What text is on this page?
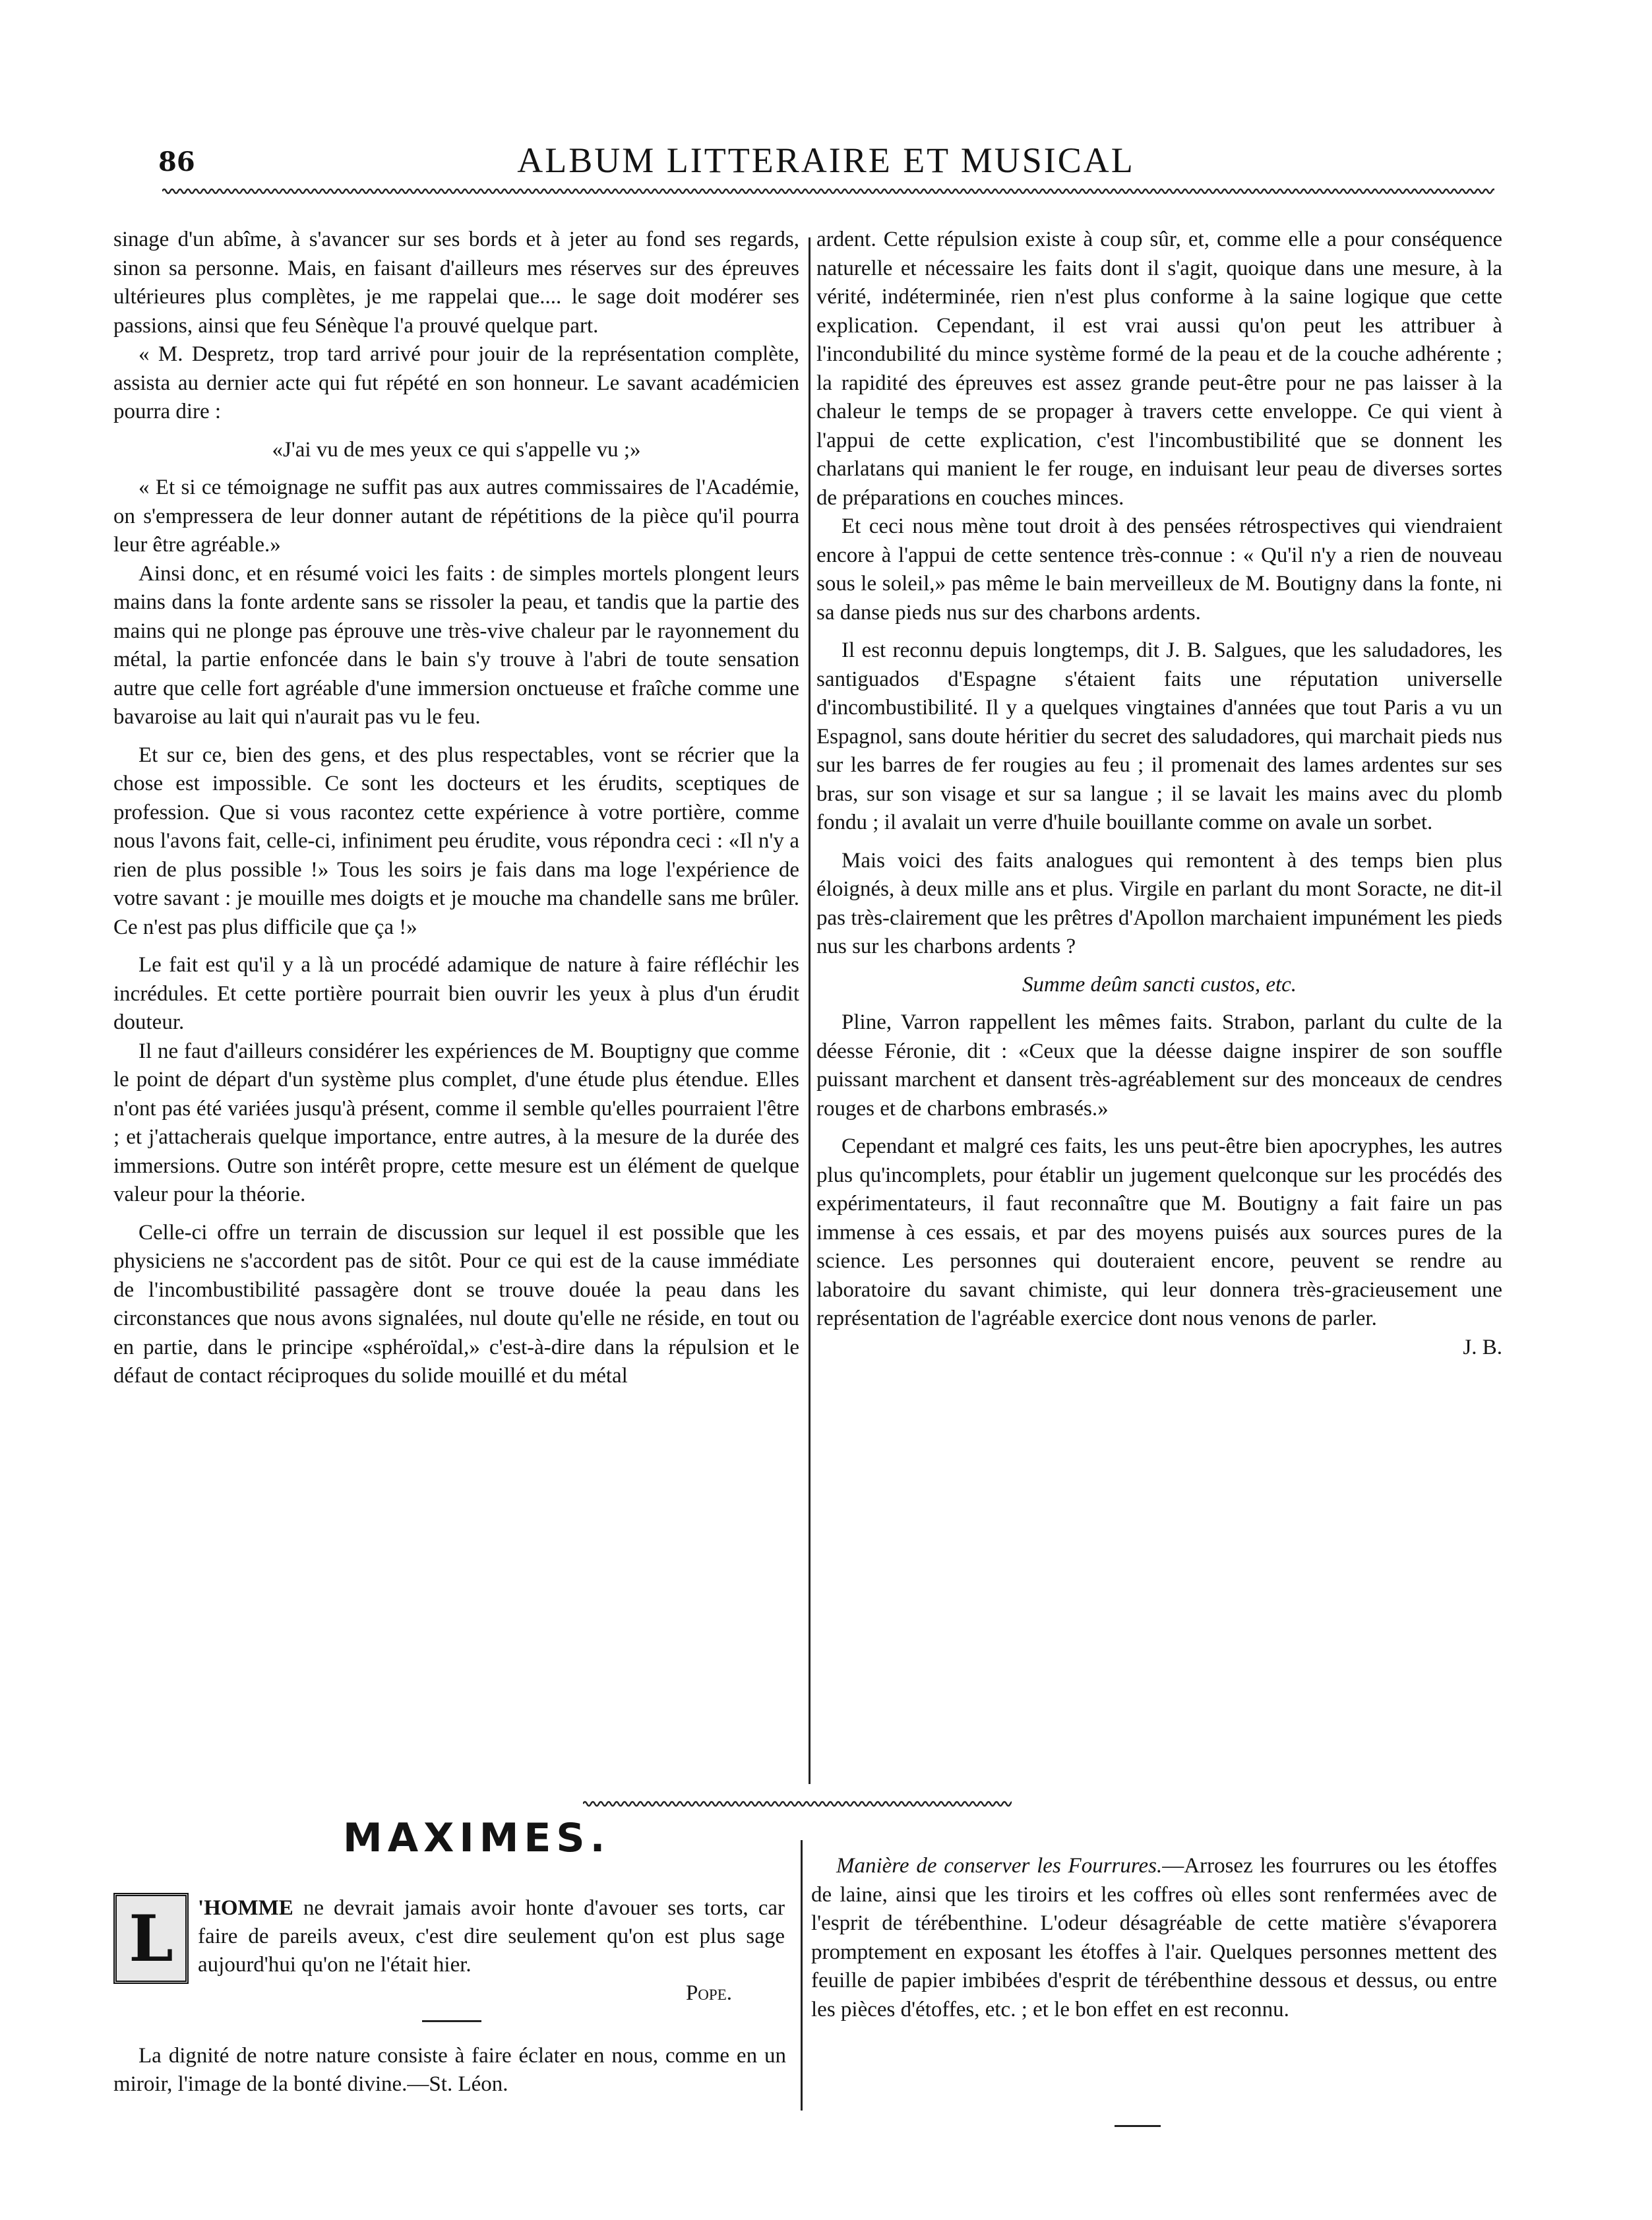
86	ALBUM LITTERAIRE ET MUSICAL

sinage d'un abîme, à s'avancer sur ses bords et à jeter au fond ses regards, sinon sa personne. Mais, en faisant d'ailleurs mes réserves sur des épreuves ultérieures plus complètes, je me rappelai que.... le sage doit modérer ses passions, ainsi que feu Sénèque l'a prouvé quelque part.

« M. Despretz, trop tard arrivé pour jouir de la représentation complète, assista au dernier acte qui fut répété en son honneur. Le savant académicien pourra dire :

«J'ai vu de mes yeux ce qui s'appelle vu ;»

« Et si ce témoignage ne suffit pas aux autres commissaires de l'Académie, on s'empressera de leur donner autant de répétitions de la pièce qu'il pourra leur être agréable.»

Ainsi donc, et en résumé voici les faits : de simples mortels plongent leurs mains dans la fonte ardente sans se rissoler la peau, et tandis que la partie des mains qui ne plonge pas éprouve une très-vive chaleur par le rayonnement du métal, la partie enfoncée dans le bain s'y trouve à l'abri de toute sensation autre que celle fort agréable d'une immersion onctueuse et fraîche comme une bavaroise au lait qui n'aurait pas vu le feu.

Et sur ce, bien des gens, et des plus respectables, vont se récrier que la chose est impossible. Ce sont les docteurs et les érudits, sceptiques de profession. Que si vous racontez cette expérience à votre portière, comme nous l'avons fait, celle-ci, infiniment peu érudite, vous répondra ceci : «Il n'y a rien de plus possible !» Tous les soirs je fais dans ma loge l'expérience de votre savant : je mouille mes doigts et je mouche ma chandelle sans me brûler. Ce n'est pas plus difficile que ça !»

Le fait est qu'il y a là un procédé adamique de nature à faire réfléchir les incrédules. Et cette portière pourrait bien ouvrir les yeux à plus d'un érudit douteur.

Il ne faut d'ailleurs considérer les expériences de M. Bouptigny que comme le point de départ d'un système plus complet, d'une étude plus étendue. Elles n'ont pas été variées jusqu'à présent, comme il semble qu'elles pourraient l'être ; et j'attacherais quelque importance, entre autres, à la mesure de la durée des immersions. Outre son intérêt propre, cette mesure est un élément de quelque valeur pour la théorie.

Celle-ci offre un terrain de discussion sur lequel il est possible que les physiciens ne s'accordent pas de sitôt. Pour ce qui est de la cause immédiate de l'incombustibilité passagère dont se trouve douée la peau dans les circonstances que nous avons signalées, nul doute qu'elle ne réside, en tout ou en partie, dans le principe «sphéroïdal,» c'est-à-dire dans la répulsion et le défaut de contact réciproques du solide mouillé et du métal

ardent. Cette répulsion existe à coup sûr, et, comme elle a pour conséquence naturelle et nécessaire les faits dont il s'agit, quoique dans une mesure, à la vérité, indéterminée, rien n'est plus conforme à la saine logique que cette explication. Cependant, il est vrai aussi qu'on peut les attribuer à l'incondubilité du mince système formé de la peau et de la couche adhérente ; la rapidité des épreuves est assez grande peut-être pour ne pas laisser à la chaleur le temps de se propager à travers cette enveloppe. Ce qui vient à l'appui de cette explication, c'est l'incombustibilité que se donnent les charlatans qui manient le fer rouge, en induisant leur peau de diverses sortes de préparations en couches minces.

Et ceci nous mène tout droit à des pensées rétrospectives qui viendraient encore à l'appui de cette sentence très-connue : « Qu'il n'y a rien de nouveau sous le soleil,» pas même le bain merveilleux de M. Boutigny dans la fonte, ni sa danse pieds nus sur des charbons ardents.

Il est reconnu depuis longtemps, dit J. B. Salgues, que les saludadores, les santiguados d'Espagne s'étaient faits une réputation universelle d'incombustibilité. Il y a quelques vingtaines d'années que tout Paris a vu un Espagnol, sans doute héritier du secret des saludadores, qui marchait pieds nus sur les barres de fer rougies au feu ; il promenait des lames ardentes sur ses bras, sur son visage et sur sa langue ; il se lavait les mains avec du plomb fondu ; il avalait un verre d'huile bouillante comme on avale un sorbet.

Mais voici des faits analogues qui remontent à des temps bien plus éloignés, à deux mille ans et plus. Virgile en parlant du mont Soracte, ne dit-il pas très-clairement que les prêtres d'Apollon marchaient impunément les pieds nus sur les charbons ardents ?

Summe deûm sancti custos, etc.

Pline, Varron rappellent les mêmes faits. Strabon, parlant du culte de la déesse Féronie, dit : «Ceux que la déesse daigne inspirer de son souffle puissant marchent et dansent très-agréablement sur des monceaux de cendres rouges et de charbons embrasés.»

Cependant et malgré ces faits, les uns peut-être bien apocryphes, les autres plus qu'incomplets, pour établir un jugement quelconque sur les procédés des expérimentateurs, il faut reconnaître que M. Boutigny a fait faire un pas immense à ces essais, et par des moyens puisés aux sources pures de la science. Les personnes qui douteraient encore, peuvent se rendre au laboratoire du savant chimiste, qui leur donnera très-gracieusement une représentation de l'agréable exercice dont nous venons de parler.

J. B.

MAXIMES.
L	'HOMME ne devrait jamais avoir honte d'avouer ses torts, car faire de pareils aveux, c'est dire seulement qu'on est plus sage aujourd'hui qu'on ne l'était hier.
Pope.
La dignité de notre nature consiste à faire éclater en nous, comme en un miroir, l'image de la bonté divine.—St. Léon.
Manière de conserver les Fourrures.—Arrosez les fourrures ou les étoffes de laine, ainsi que les tiroirs et les coffres où elles sont renfermées avec de l'esprit de térébenthine. L'odeur désagréable de cette matière s'évaporera promptement en exposant les étoffes à l'air. Quelques personnes mettent des feuille de papier imbibées d'esprit de térébenthine dessous et dessus, ou entre les pièces d'étoffes, etc. ; et le bon effet en est reconnu.
